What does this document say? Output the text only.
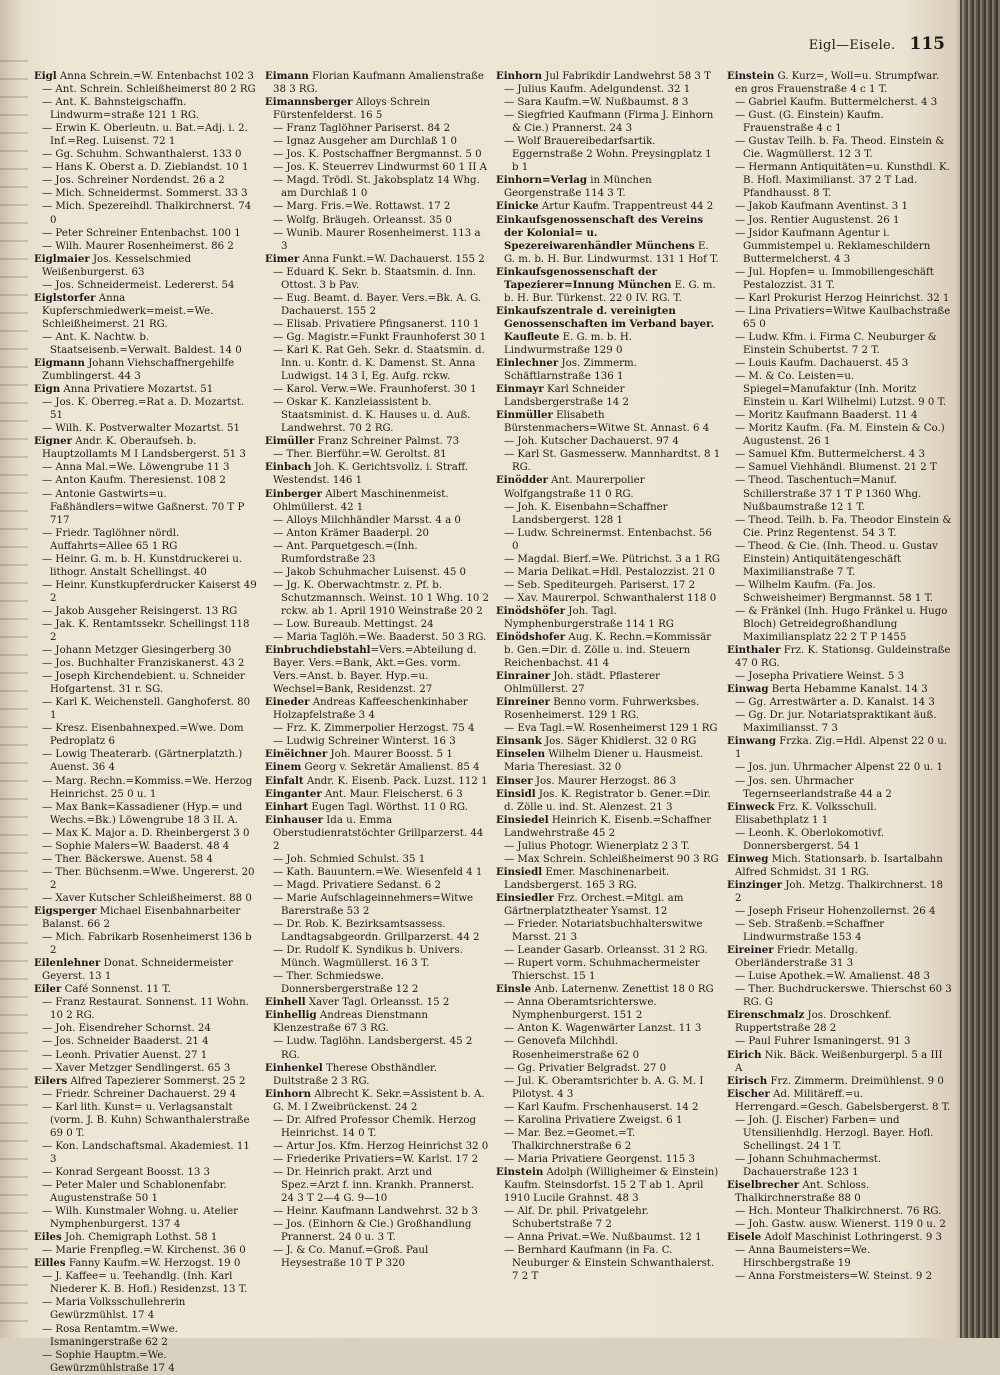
Eigl—Eisele. 115

Eigl Anna Schrein.=W. Entenbachst 102 3

— Ant. Schrein. Schleißheimerst 80 2 RG

— Ant. K. Bahnsteigschaffn. Lindwurm=straße 121 1 RG.

— Erwin K. Oberleutn. u. Bat.=Adj. i. 2. Inf.=Reg. Luisenst. 72 1

— Gg. Schuhm. Schwanthalerst. 133 0

— Hans K. Oberst a. D. Zieblandst. 10 1

— Jos. Schreiner Nordendst. 26 a 2

— Mich. Schneidermst. Sommerst. 33 3

— Mich. Spezereihdl. Thalkirchnerst. 74 0

— Peter Schreiner Entenbachst. 100 1

— Wilh. Maurer Rosenheimerst. 86 2

Eiglmaier Jos. Kesselschmied Weißenburgerst. 63

— Jos. Schneidermeist. Ledererst. 54

Eiglstorfer Anna Kupferschmiedwerk=meist.=We. Schleißheimerst. 21 RG.

— Ant. K. Nachtw. b. Staatseisenb.=Verwalt. Baldest. 14 0

Eigmann Johann Viehschaffnergehilfe Zumblingerst. 44 3

Eign Anna Privatiere Mozartst. 51

— Jos. K. Oberreg.=Rat a. D. Mozartst. 51

— Wilh. K. Postverwalter Mozartst. 51

Eigner Andr. K. Oberaufseh. b. Hauptzollamts M I Landsbergerst. 51 3

— Anna Mal.=We. Löwengrube 11 3

— Anton Kaufm. Theresienst. 108 2

— Antonie Gastwirts=u. Faßhändlers=witwe Gaßnerst. 70 T P 717

— Friedr. Taglöhner nördl. Auffahrts=Allee 65 1 RG

— Heinr. G. m. b. H. Kunstdruckerei u. lithogr. Anstalt Schellingst. 40

— Heinr. Kunstkupferdrucker Kaiserst 49 2

— Jakob Ausgeher Reisingerst. 13 RG

— Jak. K. Rentamtssekr. Schellingst 118 2

— Johann Metzger Giesingerberg 30

— Jos. Buchhalter Franziskanerst. 43 2

— Joseph Kirchendebient. u. Schneider Hofgartenst. 31 r. SG.

— Karl K. Weichenstell. Ganghoferst. 80 1

— Kresz. Eisenbahnexped.=Wwe. Dom Pedroplatz 6

— Lowig Theaterarb. (Gärtnerplatzth.) Auenst. 36 4

— Marg. Rechn.=Kommiss.=We. Herzog Heinrichst. 25 0 u. 1

— Max Bank=Kassadiener (Hyp.= und Wechs.=Bk.) Löwengrube 18 3 II. A.

— Max K. Major a. D. Rheinbergerst 3 0

— Sophie Malers=W. Baaderst. 48 4

— Ther. Bäckerswe. Auenst. 58 4

— Ther. Büchsenm.=Wwe. Ungererst. 20 2

— Xaver Kutscher Schleißheimerst. 88 0

Eigsperger Michael Eisenbahnarbeiter Balanst. 66 2

— Mich. Fabrikarb Rosenheimerst 136 b 2

Eilenlehner Donat. Schneidermeister Geyerst. 13 1

Eiler Café Sonnenst. 11 T.

— Franz Restaurat. Sonnenst. 11 Wohn. 10 2 RG.

— Joh. Eisendreher Schornst. 24

— Jos. Schneider Baaderst. 21 4

— Leonh. Privatier Auenst. 27 1

— Xaver Metzger Sendlingerst. 65 3

Eilers Alfred Tapezierer Sommerst. 25 2

— Friedr. Schreiner Dachauerst. 29 4

— Karl lith. Kunst= u. Verlagsanstalt (vorm. J. B. Kuhn) Schwanthalerstraße 69 0 T.

— Kon. Landschaftsmal. Akademiest. 11 3

— Konrad Sergeant Boosst. 13 3

— Peter Maler und Schablonenfabr. Augustenstraße 50 1

— Wilh. Kunstmaler Wohng. u. Atelier Nymphenburgerst. 137 4

Eiles Joh. Chemigraph Lothst. 58 1

— Marie Frenpfleg.=W. Kirchenst. 36 0

Eilles Fanny Kaufm.=W. Herzogst. 19 0

— J. Kaffee= u. Teehandlg. (Inh. Karl Niederer K. B. Hofl.) Residenzst. 13 T.

— Maria Volksschullehrerin Gewürzmühlst. 17 4

— Rosa Rentamtm.=Wwe. Ismaningerstraße 62 2

— Sophie Hauptm.=We. Gewürzmühlstraße 17 4

Eimann Florian Kaufmann Amalienstraße 38 3 RG.

Eimannsberger Alloys Schrein Fürstenfelderst. 16 5

— Franz Taglöhner Pariserst. 84 2

— Ignaz Ausgeher am Durchlaß 1 0

— Jos. K. Postschaffner Bergmannst. 5 0

— Jos. K. Steuerrev Lindwurmst 60 1 II A

— Magd. Trödl. St. Jakobsplatz 14 Whg. am Durchlaß 1 0

— Marg. Fris.=We. Rottawst. 17 2

— Wolfg. Bräugeh. Orleansst. 35 0

— Wunib. Maurer Rosenheimerst. 113 a 3

Eimer Anna Funkt.=W. Dachauerst. 155 2

— Eduard K. Sekr. b. Staatsmin. d. Inn. Ottost. 3 b Pav.

— Eug. Beamt. d. Bayer. Vers.=Bk. A. G. Dachauerst. 155 2

— Elisab. Privatiere Pfingsanerst. 110 1

— Gg. Magistr.=Funkt Fraunhoferst 30 1

— Karl K. Rat Geh. Sekr. d. Staatsmin. d. Inn. u. Kontr. d. K. Damenst. St. Anna Ludwigst. 14 3 I, Eg. Aufg. rckw.

— Karol. Verw.=We. Fraunhoferst. 30 1

— Oskar K. Kanzleiassistent b. Staatsminist. d. K. Hauses u. d. Auß. Landwehrst. 70 2 RG.

Eimüller Franz Schreiner Palmst. 73

— Ther. Bierführ.=W. Geroltst. 81

Einbach Joh. K. Gerichtsvollz. i. Straff. Westendst. 146 1

Einberger Albert Maschinenmeist. Ohlmüllerst. 42 1

— Alloys Milchhändler Marsst. 4 a 0

— Anton Krämer Baaderpl. 20

— Ant. Parquetgesch.=(Inh. Rumfordstraße 23

— Jakob Schuhmacher Luisenst. 45 0

— Jg. K. Oberwachtmstr. z. Pf. b. Schutzmannsch. Weinst. 10 1 Whg. 10 2 rckw. ab 1. April 1910 Weinstraße 20 2

— Low. Bureaub. Mettingst. 24

— Maria Taglöh.=We. Baaderst. 50 3 RG.

Einbruchdiebstahl=Vers.=Abteilung d. Bayer. Vers.=Bank, Akt.=Ges. vorm. Vers.=Anst. b. Bayer. Hyp.=u. Wechsel=Bank, Residenzst. 27

Eineder Andreas Kaffeeschenkinhaber Holzapfelstraße 3 4

— Frz. K. Zimmerpolier Herzogst. 75 4

— Ludwig Schreiner Winterst. 16 3

Einëichner Joh. Maurer Boosst. 5 1

Einem Georg v. Sekretär Amalienst. 85 4

Einfalt Andr. K. Eisenb. Pack. Luzst. 112 1

Einganter Ant. Maur. Fleischerst. 6 3

Einhart Eugen Tagl. Wörthst. 11 0 RG.

Einhauser Ida u. Emma Oberstudienratstöchter Grillparzerst. 44 2

— Joh. Schmied Schulst. 35 1

— Kath. Bauuntern.=We. Wiesenfeld 4 1

— Magd. Privatiere Sedanst. 6 2

— Marie Aufschlageinnehmers=Witwe Barerstraße 53 2

— Dr. Rob. K. Bezirksamtsassess. Landtagsabgeordn. Grillparzerst. 44 2

— Dr. Rudolf K. Syndikus b. Univers. Münch. Wagmüllerst. 16 3 T.

— Ther. Schmiedswe. Donnersbergerstraße 12 2

Einhell Xaver Tagl. Orleansst. 15 2

Einhellig Andreas Dienstmann Klenzestraße 67 3 RG.

— Ludw. Taglöhn. Landsbergerst. 45 2 RG.

Einhenkel Therese Obsthändler. Dultstraße 2 3 RG.

Einhorn Albrecht K. Sekr.=Assistent b. A. G. M. I Zweibrückenst. 24 2

— Dr. Alfred Professor Chemik. Herzog Heinrichst. 14 0 T.

— Artur Jos. Kfm. Herzog Heinrichst 32 0

— Friederike Privatiers=W. Karlst. 17 2

— Dr. Heinrich prakt. Arzt und Spez.=Arzt f. inn. Krankh. Prannerst. 24 3 T 2—4 G. 9—10

— Heinr. Kaufmann Landwehrst. 32 b 3

— Jos. (Einhorn & Cie.) Großhandlung Prannerst. 24 0 u. 3 T.

— J. & Co. Manuf.=Groß. Paul Heysestraße 10 T P 320

Einhorn Jul Fabrikdir Landwehrst 58 3 T

— Julius Kaufm. Adelgundenst. 32 1

— Sara Kaufm.=W. Nußbaumst. 8 3

— Siegfried Kaufmann (Firma J. Einhorn & Cie.) Prannerst. 24 3

— Wolf Brauereibedarfsartik. Eggernstraße 2 Wohn. Preysingplatz 1 b 1

Einhorn=Verlag in München Georgenstraße 114 3 T.

Einicke Artur Kaufm. Trappentreust 44 2

Einkaufsgenossenschaft des Vereins der Kolonial= u. Spezereiwarenhändler Münchens E. G. m. b. H. Bur. Lindwurmst. 131 1 Hof T.

Einkaufsgenossenschaft der Tapezierer=Innung München E. G. m. b. H. Bur. Türkenst. 22 0 IV. RG. T.

Einkaufszentrale d. vereinigten Genossenschaften im Verband bayer. Kaufleute E. G. m. b. H. Lindwurmstraße 129 0

Einlechner Jos. Zimmerm. Schäftlarnstraße 136 1

Einmayr Karl Schneider Landsbergerstraße 14 2

Einmüller Elisabeth Bürstenmachers=Witwe St. Annast. 6 4

— Joh. Kutscher Dachauerst. 97 4

— Karl St. Gasmesserw. Mannhardtst. 8 1 RG.

Einödder Ant. Maurerpolier Wolfgangstraße 11 0 RG.

— Joh. K. Eisenbahn=Schaffner Landsbergerst. 128 1

— Ludw. Schreinermst. Entenbachst. 56 0

— Magdal. Bierf.=We. Pütrichst. 3 a 1 RG

— Maria Delikat.=Hdl. Pestalozzist. 21 0

— Seb. Spediteurgeh. Pariserst. 17 2

— Xav. Maurerpol. Schwanthalerst 118 0

Einödshöfer Joh. Tagl. Nymphenburgerstraße 114 1 RG

Einödshofer Aug. K. Rechn.=Kommissär b. Gen.=Dir. d. Zölle u. ind. Steuern Reichenbachst. 41 4

Einrainer Joh. städt. Pflasterer Ohlmüllerst. 27

Einreiner Benno vorm. Fuhrwerksbes. Rosenheimerst. 129 1 RG.

— Eva Tagl.=W. Rosenheimerst 129 1 RG

Einsank Jos. Säger Khidlerst. 32 0 RG

Einselen Wilhelm Diener u. Hausmeist. Maria Theresiast. 32 0

Einser Jos. Maurer Herzogst. 86 3

Einsidl Jos. K. Registrator b. Gener.=Dir. d. Zölle u. ind. St. Alenzest. 21 3

Einsiedel Heinrich K. Eisenb.=Schaffner Landwehrstraße 45 2

— Julius Photogr. Wienerplatz 2 3 T.

— Max Schrein. Schleißheimerst 90 3 RG

Einsiedl Emer. Maschinenarbeit. Landsbergerst. 165 3 RG.

Einsiedler Frz. Orchest.=Mitgl. am Gärtnerplatztheater Ysamst. 12

— Frieder. Notariatsbuchhalterswitwe Marsst. 21 3

— Leander Gasarb. Orleansst. 31 2 RG.

— Rupert vorm. Schuhmachermeister Thierschst. 15 1

Einsle Anb. Laternenw. Zenettist 18 0 RG

— Anna Oberamtsrichterswe. Nymphenburgerst. 151 2

— Anton K. Wagenwärter Lanzst. 11 3

— Genovefa Milchhdl. Rosenheimerstraße 62 0

— Gg. Privatier Belgradst. 27 0

— Jul. K. Oberamtsrichter b. A. G. M. I Pilotyst. 4 3

— Karl Kaufm. Frschenhauserst. 14 2

— Karolina Privatiere Zweigst. 6 1

— Mar. Bez.=Geomet.=T. Thalkirchnerstraße 6 2

— Maria Privatiere Georgenst. 115 3

Einstein Adolph (Willigheimer & Einstein) Kaufm. Steinsdorfst. 15 2 T ab 1. April 1910 Lucile Grahnst. 48 3

— Alf. Dr. phil. Privatgelehr. Schubertstraße 7 2

— Anna Privat.=We. Nußbaumst. 12 1

— Bernhard Kaufmann (in Fa. C. Neuburger & Einstein Schwanthalerst. 7 2 T

Einstein G. Kurz=, Woll=u. Strumpfwar. en gros Frauenstraße 4 c 1 T.

— Gabriel Kaufm. Buttermelcherst. 4 3

— Gust. (G. Einstein) Kaufm. Frauenstraße 4 c 1

— Gustav Teilh. b. Fa. Theod. Einstein & Cie. Wagmüllerst. 12 3 T.

— Hermann Antiquitäten=u. Kunsthdl. K. B. Hofl. Maximilianst. 37 2 T Lad. Pfandhausst. 8 T.

— Jakob Kaufmann Aventinst. 3 1

— Jos. Rentier Augustenst. 26 1

— Jsidor Kaufmann Agentur i. Gummistempel u. Reklameschildern Buttermelcherst. 4 3

— Jul. Hopfen= u. Immobiliengeschäft Pestalozzist. 31 T.

— Karl Prokurist Herzog Heinrichst. 32 1

— Lina Privatiers=Witwe Kaulbachstraße 65 0

— Ludw. Kfm. i. Firma C. Neuburger & Einstein Schubertst. 7 2 T.

— Louis Kaufm. Dachauerst. 45 3

— M. & Co. Leisten=u. Spiegel=Manufaktur (Inh. Moritz Einstein u. Karl Wilhelmi) Lutzst. 9 0 T.

— Moritz Kaufmann Baaderst. 11 4

— Moritz Kaufm. (Fa. M. Einstein & Co.) Augustenst. 26 1

— Samuel Kfm. Buttermelcherst. 4 3

— Samuel Viehhändl. Blumenst. 21 2 T

— Theod. Taschentuch=Manuf. Schillerstraße 37 1 T P 1360 Whg. Nußbaumstraße 12 1 T.

— Theod. Teilh. b. Fa. Theodor Einstein & Cie. Prinz Regentenst. 54 3 T.

— Theod. & Cie. (Inh. Theod. u. Gustav Einstein) Antiquitätengeschäft Maximilianstraße 7 T.

— Wilhelm Kaufm. (Fa. Jos. Schweisheimer) Bergmannst. 58 1 T.

— & Fränkel (Inh. Hugo Fränkel u. Hugo Bloch) Getreidegroßhandlung Maximiliansplatz 22 2 T P 1455

Einthaler Frz. K. Stationsg. Guldeinstraße 47 0 RG.

— Josepha Privatiere Weinst. 5 3

Einwag Berta Hebamme Kanalst. 14 3

— Gg. Arrestwärter a. D. Kanalst. 14 3

— Gg. Dr. jur. Notariatspraktikant äuß. Maximiliansst. 7 3

Einwang Frzka. Zig.=Hdl. Alpenst 22 0 u. 1

— Jos. jun. Uhrmacher Alpenst 22 0 u. 1

— Jos. sen. Uhrmacher Tegernseerlandstraße 44 a 2

Einweck Frz. K. Volksschull. Elisabethplatz 1 1

— Leonh. K. Oberlokomotivf. Donnersbergerst. 54 1

Einweg Mich. Stationsarb. b. Isartalbahn Alfred Schmidst. 31 1 RG.

Einzinger Joh. Metzg. Thalkirchnerst. 18 2

— Joseph Friseur Hohenzollernst. 26 4

— Seb. Straßenb.=Schaffner Lindwurmstraße 153 4

Eireiner Friedr. Metallg. Oberländerstraße 31 3

— Luise Apothek.=W. Amalienst. 48 3

— Ther. Buchdruckerswe. Thierschst 60 3 RG. G

Eirenschmalz Jos. Droschkenf. Ruppertstraße 28 2

— Paul Fuhrer Ismaningerst. 91 3

Eirich Nik. Bäck. Weißenburgerpl. 5 a III A

Eirisch Frz. Zimmerm. Dreimühlenst. 9 0

Eischer Ad. Militäreff.=u. Herrengard.=Gesch. Gabelsbergerst. 8 T.

— Joh. (J. Eischer) Farben= und Utensilienhdlg. Herzogl. Bayer. Hofl. Schellingst. 24 1 T.

— Johann Schuhmachermst. Dachauerstraße 123 1

Eiselbrecher Ant. Schloss. Thalkirchnerstraße 88 0

— Hch. Monteur Thalkirchnerst. 76 RG.

— Joh. Gastw. ausw. Wienerst. 119 0 u. 2

Eisele Adolf Maschinist Lothringerst. 9 3

— Anna Baumeisters=We. Hirschbergstraße 19

— Anna Forstmeisters=W. Steinst. 9 2
